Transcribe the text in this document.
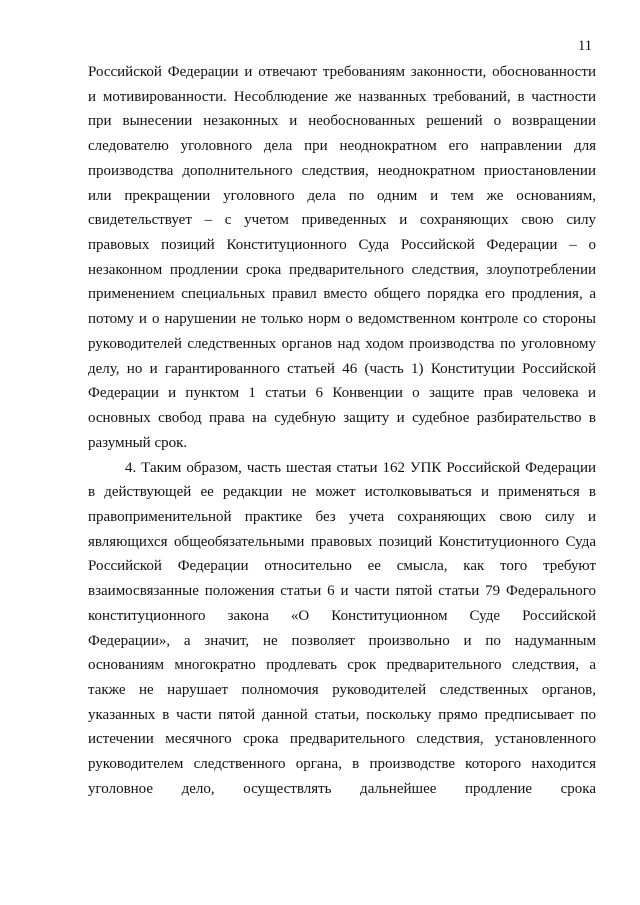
11
Российской Федерации и отвечают требованиям законности, обоснованности
и мотивированности. Несоблюдение же названных требований, в частности
при вынесении незаконных и необоснованных решений о возвращении
следователю уголовного дела при неоднократном его направлении для
производства дополнительного следствия, неоднократном приостановлении
или прекращении уголовного дела по одним и тем же основаниям,
свидетельствует – с учетом приведенных и сохраняющих свою силу
правовых позиций Конституционного Суда Российской Федерации – о
незаконном продлении срока предварительного следствия, злоупотреблении
применением специальных правил вместо общего порядка его продления, а
потому и о нарушении не только норм о ведомственном контроле со стороны
руководителей следственных органов над ходом производства по уголовному
делу, но и гарантированного статьей 46 (часть 1) Конституции Российской
Федерации и пунктом 1 статьи 6 Конвенции о защите прав человека и
основных свобод права на судебную защиту и судебное разбирательство в
разумный срок.
4. Таким образом, часть шестая статьи 162 УПК Российской Федерации
в действующей ее редакции не может истолковываться и применяться в
правоприменительной практике без учета сохраняющих свою силу и
являющихся общеобязательными правовых позиций Конституционного Суда
Российской Федерации относительно ее смысла, как того требуют
взаимосвязанные положения статьи 6 и части пятой статьи 79 Федерального
конституционного закона «О Конституционном Суде Российской
Федерации», а значит, не позволяет произвольно и по надуманным
основаниям многократно продлевать срок предварительного следствия, а
также не нарушает полномочия руководителей следственных органов,
указанных в части пятой данной статьи, поскольку прямо предписывает по
истечении месячного срока предварительного следствия, установленного
руководителем следственного органа, в производстве которого находится
уголовное дело, осуществлять дальнейшее продление срока
